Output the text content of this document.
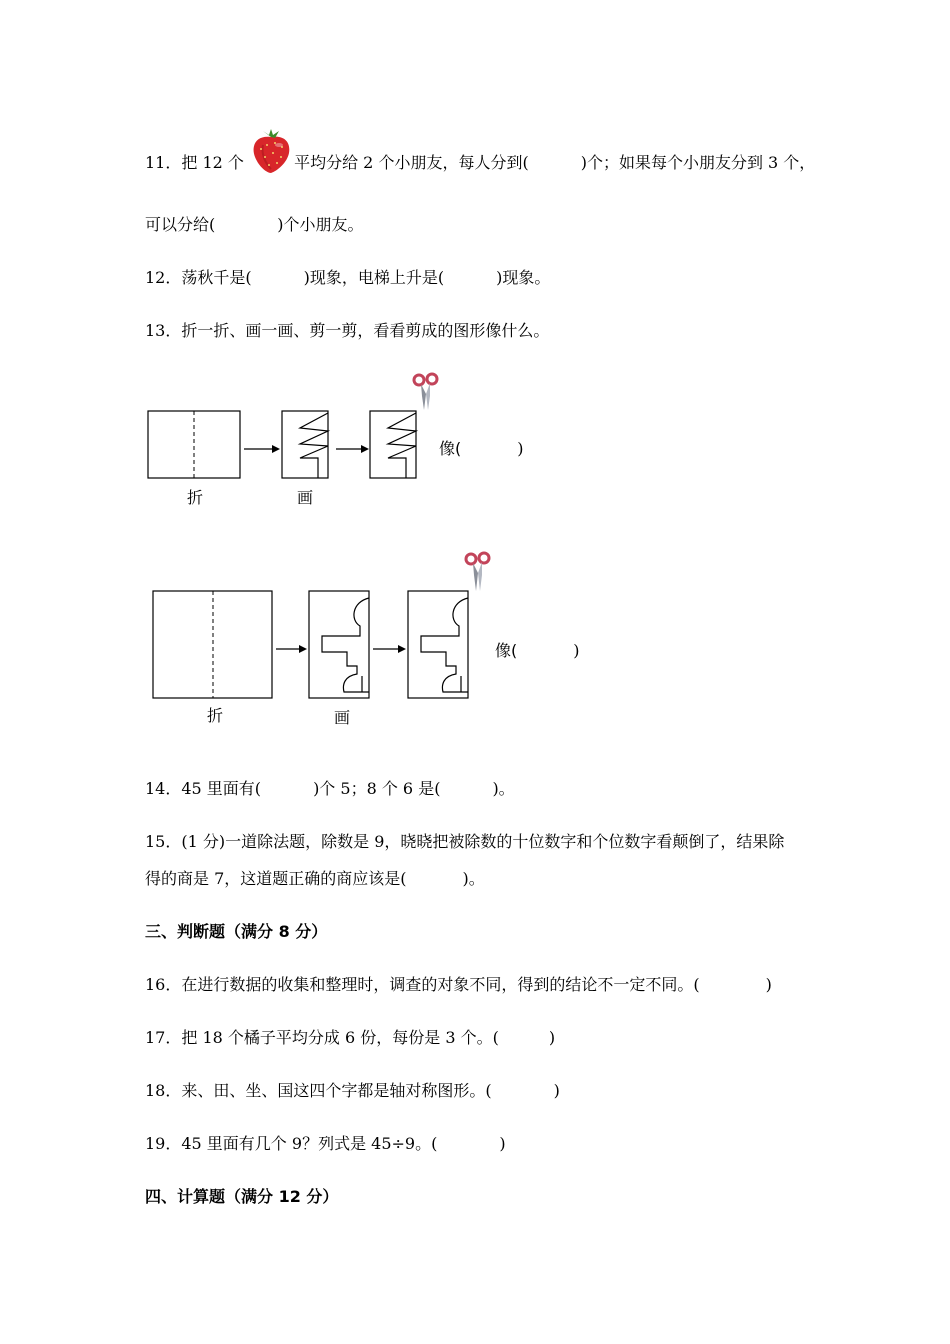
11．把 12 个	平均分给 2 个小朋友，每人分到(	)个；如果每个小朋友分到 3 个，
可以分给(	)个小朋友。
12．荡秋千是(	)现象，电梯上升是(	)现象。
13．折一折、画一画、剪一剪，看看剪成的图形像什么。
折	画
像(	)
折	画
像(	)
14．45 里面有(	)个 5；8 个 6 是(	)。
15．(1 分)一道除法题，除数是 9，晓晓把被除数的十位数字和个位数字看颠倒了，结果除
得的商是 7，这道题正确的商应该是(	)。
三、判断题（满分 8 分）
16．在进行数据的收集和整理时，调查的对象不同，得到的结论不一定不同。(	)
17．把 18 个橘子平均分成 6 份，每份是 3 个。(	)
18．来、田、坐、国这四个字都是轴对称图形。(	)
19．45 里面有几个 9？列式是 45÷9。(	)
四、计算题（满分 12 分）
